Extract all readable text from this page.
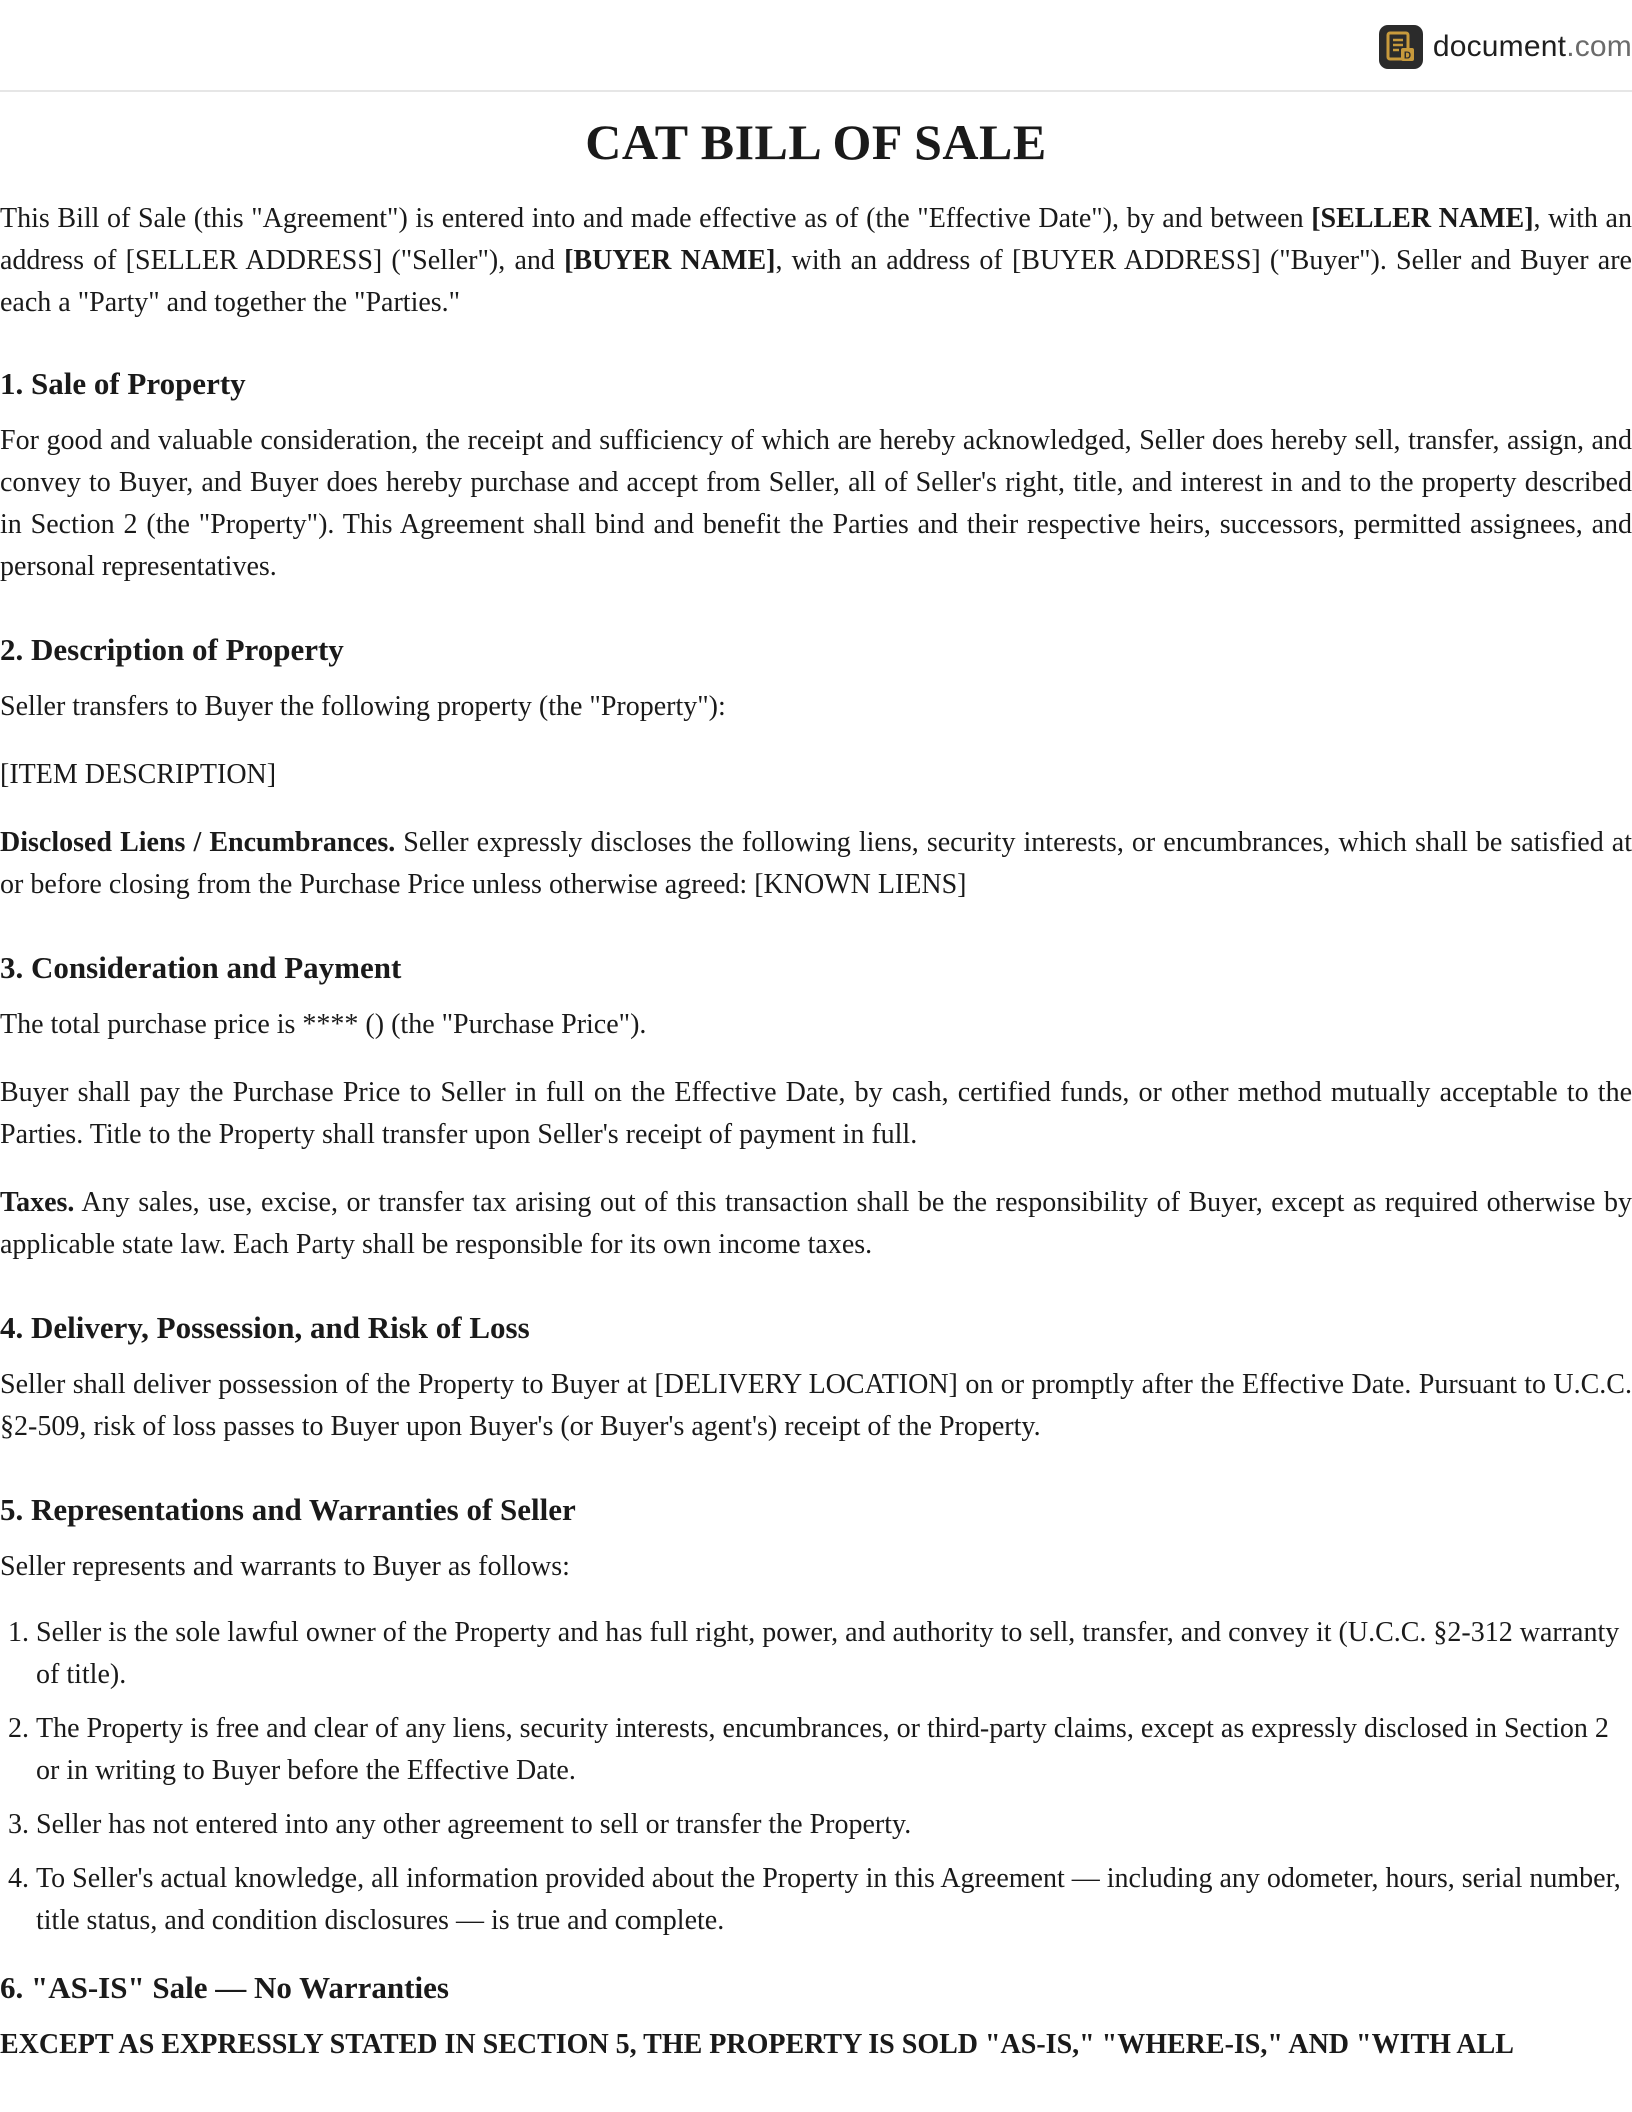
D document.com
CAT BILL OF SALE

This Bill of Sale (this "Agreement") is entered into and made effective as of (the "Effective Date"), by and between [SELLER NAME], with an address of [SELLER ADDRESS] ("Seller"), and [BUYER NAME], with an address of [BUYER ADDRESS] ("Buyer"). Seller and Buyer are each a "Party" and together the "Parties."

1. Sale of Property

For good and valuable consideration, the receipt and sufficiency of which are hereby acknowledged, Seller does hereby sell, transfer, assign, and convey to Buyer, and Buyer does hereby purchase and accept from Seller, all of Seller's right, title, and interest in and to the property described in Section 2 (the "Property"). This Agreement shall bind and benefit the Parties and their respective heirs, successors, permitted assignees, and personal representatives.

2. Description of Property

Seller transfers to Buyer the following property (the "Property"):

[ITEM DESCRIPTION]

Disclosed Liens / Encumbrances. Seller expressly discloses the following liens, security interests, or encumbrances, which shall be satisfied at or before closing from the Purchase Price unless otherwise agreed: [KNOWN LIENS]

3. Consideration and Payment

The total purchase price is **** () (the "Purchase Price").

Buyer shall pay the Purchase Price to Seller in full on the Effective Date, by cash, certified funds, or other method mutually acceptable to the Parties. Title to the Property shall transfer upon Seller's receipt of payment in full.

Taxes. Any sales, use, excise, or transfer tax arising out of this transaction shall be the responsibility of Buyer, except as required otherwise by applicable state law. Each Party shall be responsible for its own income taxes.

4. Delivery, Possession, and Risk of Loss

Seller shall deliver possession of the Property to Buyer at [DELIVERY LOCATION] on or promptly after the Effective Date. Pursuant to U.C.C. §2-509, risk of loss passes to Buyer upon Buyer's (or Buyer's agent's) receipt of the Property.

5. Representations and Warranties of Seller

Seller represents and warrants to Buyer as follows:

1. Seller is the sole lawful owner of the Property and has full right, power, and authority to sell, transfer, and convey it (U.C.C. §2-312 warranty of title).
2. The Property is free and clear of any liens, security interests, encumbrances, or third-party claims, except as expressly disclosed in Section 2 or in writing to Buyer before the Effective Date.
3. Seller has not entered into any other agreement to sell or transfer the Property.
4. To Seller's actual knowledge, all information provided about the Property in this Agreement — including any odometer, hours, serial number, title status, and condition disclosures — is true and complete.
6. "AS-IS" Sale — No Warranties

EXCEPT AS EXPRESSLY STATED IN SECTION 5, THE PROPERTY IS SOLD "AS-IS," "WHERE-IS," AND "WITH ALL
